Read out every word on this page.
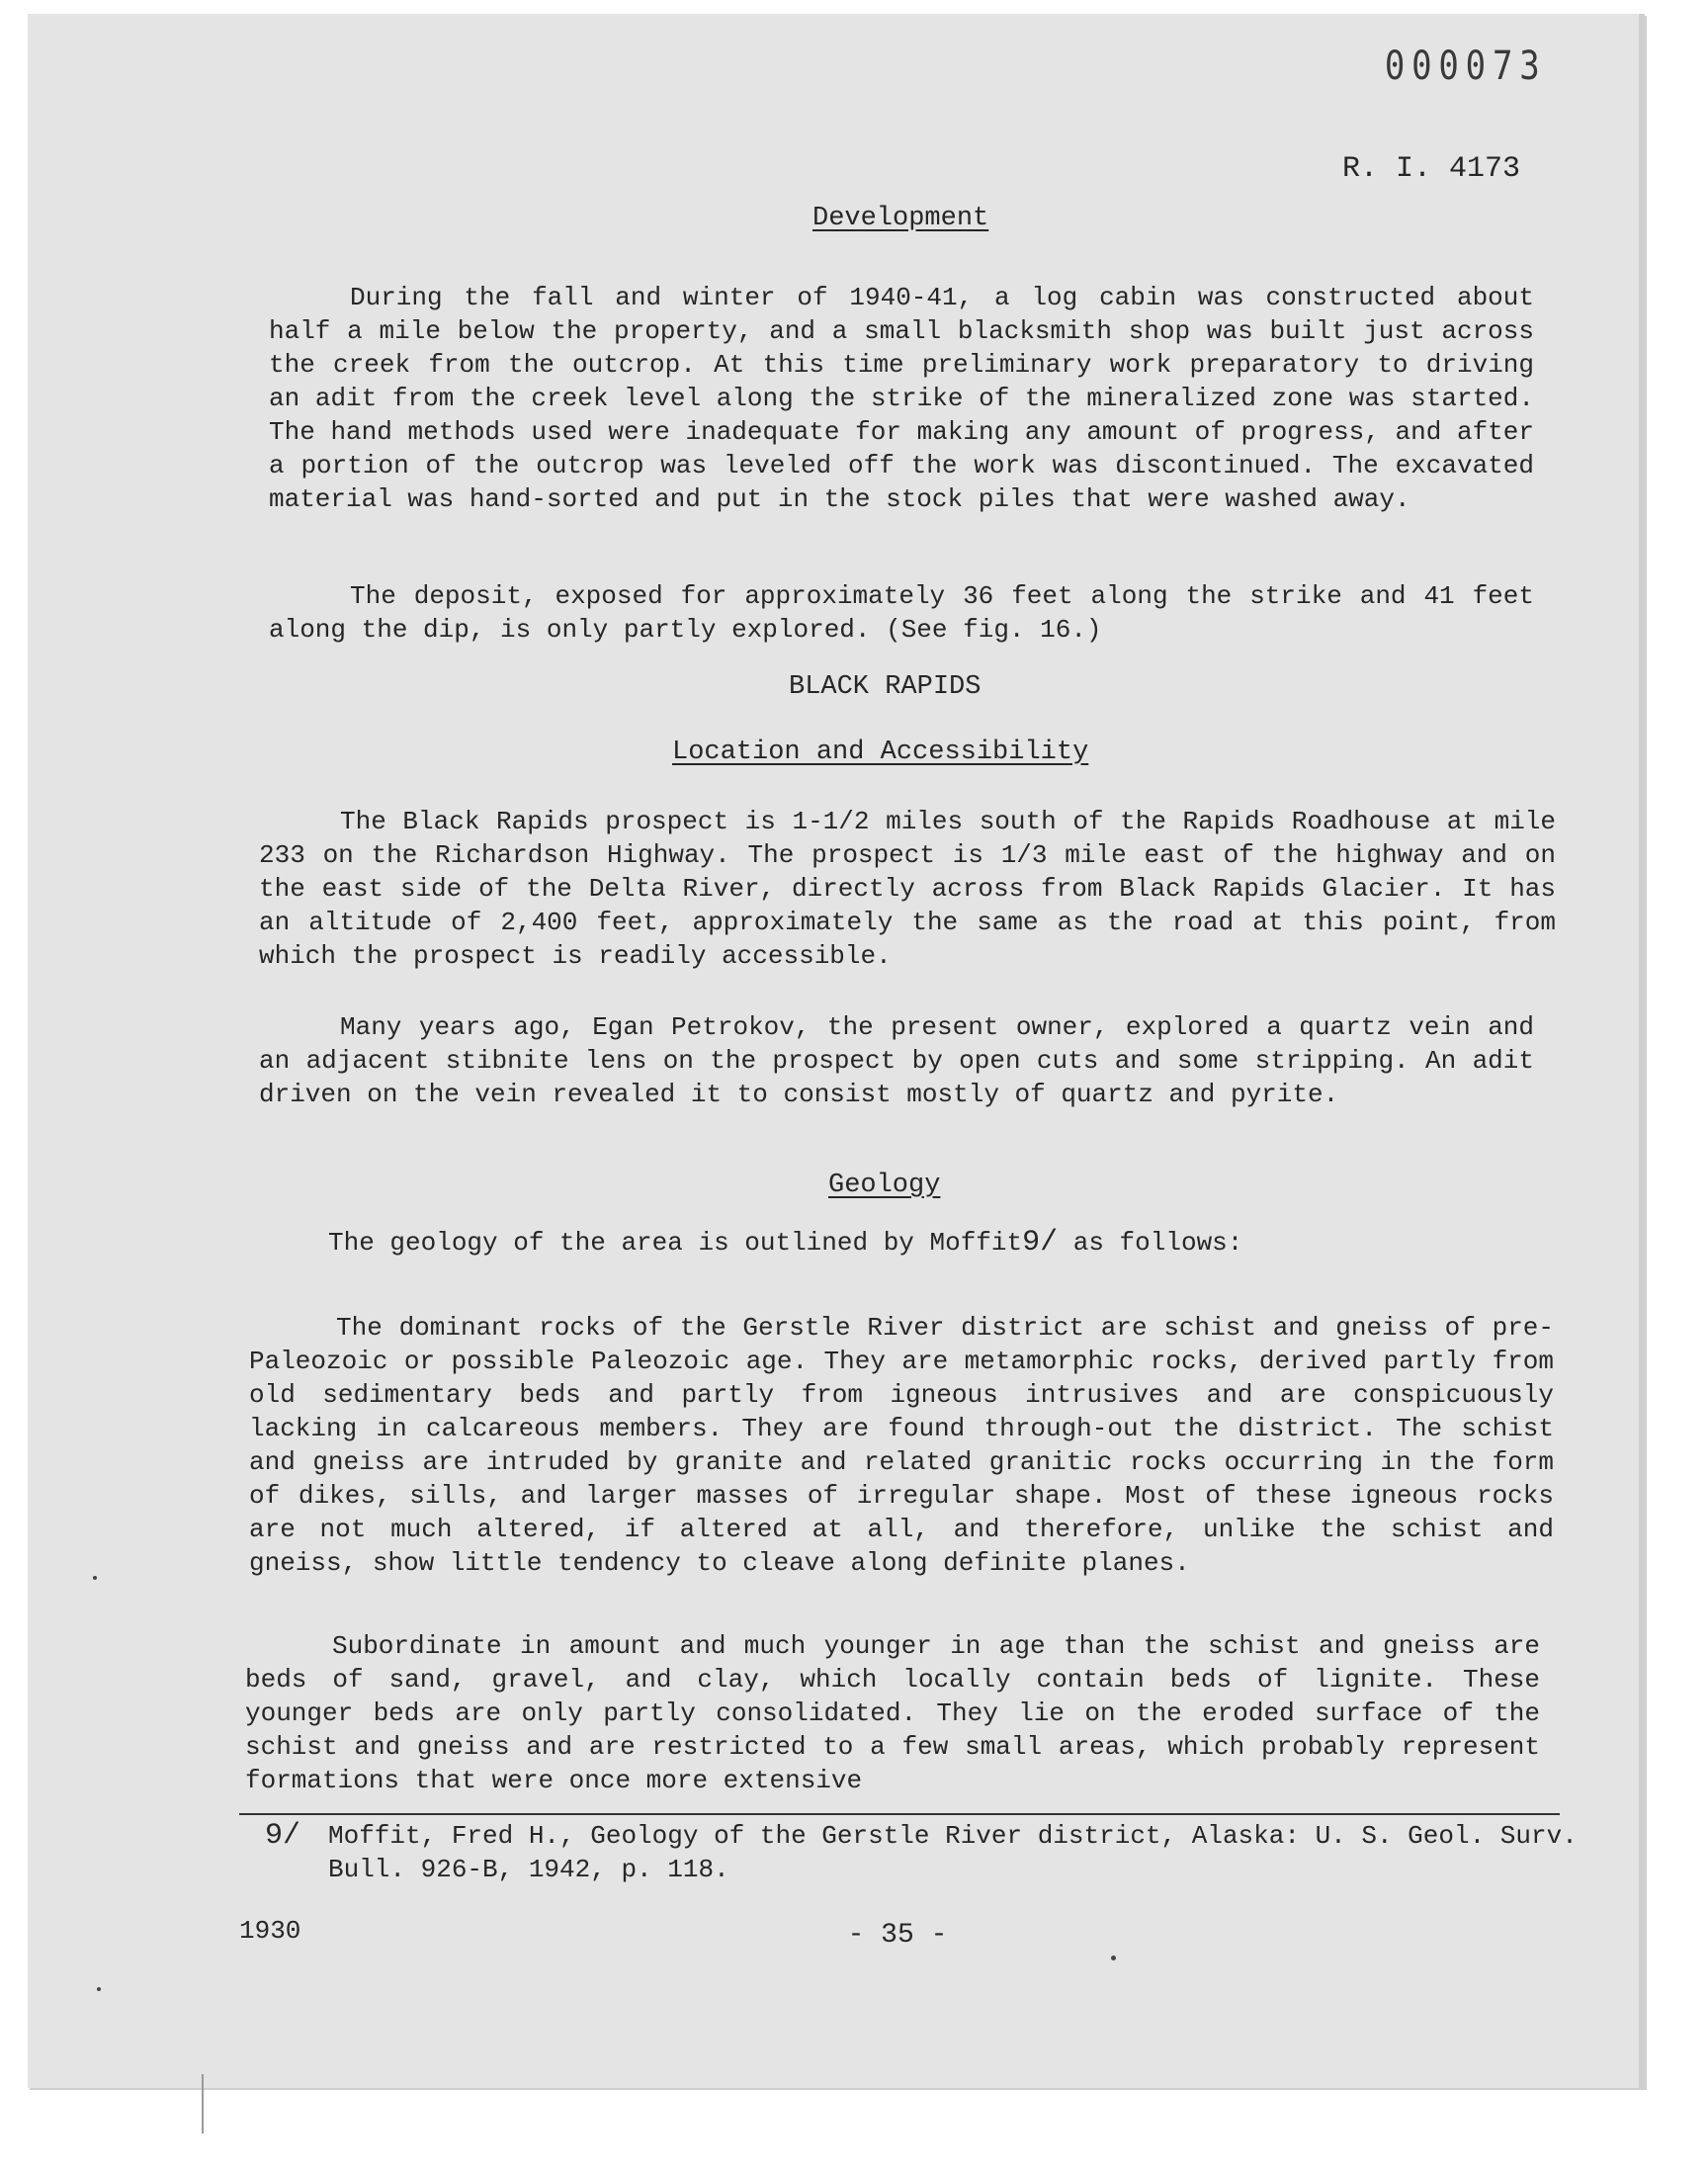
000073
R. I. 4173
Development
During the fall and winter of 1940-41, a log cabin was constructed about half a mile below the property, and a small blacksmith shop was built just across the creek from the outcrop. At this time preliminary work preparatory to driving an adit from the creek level along the strike of the mineralized zone was started. The hand methods used were inadequate for making any amount of progress, and after a portion of the outcrop was leveled off the work was discontinued. The excavated material was hand-sorted and put in the stock piles that were washed away.
The deposit, exposed for approximately 36 feet along the strike and 41 feet along the dip, is only partly explored. (See fig. 16.)
BLACK RAPIDS
Location and Accessibility
The Black Rapids prospect is 1-1/2 miles south of the Rapids Roadhouse at mile 233 on the Richardson Highway. The prospect is 1/3 mile east of the highway and on the east side of the Delta River, directly across from Black Rapids Glacier. It has an altitude of 2,400 feet, approximately the same as the road at this point, from which the prospect is readily accessible.
Many years ago, Egan Petrokov, the present owner, explored a quartz vein and an adjacent stibnite lens on the prospect by open cuts and some stripping. An adit driven on the vein revealed it to consist mostly of quartz and pyrite.
Geology
The geology of the area is outlined by Moffit9/ as follows:
The dominant rocks of the Gerstle River district are schist and gneiss of pre-Paleozoic or possible Paleozoic age. They are metamorphic rocks, derived partly from old sedimentary beds and partly from igneous intrusives and are conspicuously lacking in calcareous members. They are found through-out the district. The schist and gneiss are intruded by granite and related granitic rocks occurring in the form of dikes, sills, and larger masses of irregular shape. Most of these igneous rocks are not much altered, if altered at all, and therefore, unlike the schist and gneiss, show little tendency to cleave along definite planes.
Subordinate in amount and much younger in age than the schist and gneiss are beds of sand, gravel, and clay, which locally contain beds of lignite. These younger beds are only partly consolidated. They lie on the eroded surface of the schist and gneiss and are restricted to a few small areas, which probably represent formations that were once more extensive
9/ Moffit, Fred H., Geology of the Gerstle River district, Alaska: U. S. Geol. Surv. Bull. 926-B, 1942, p. 118.
1930	- 35 -
